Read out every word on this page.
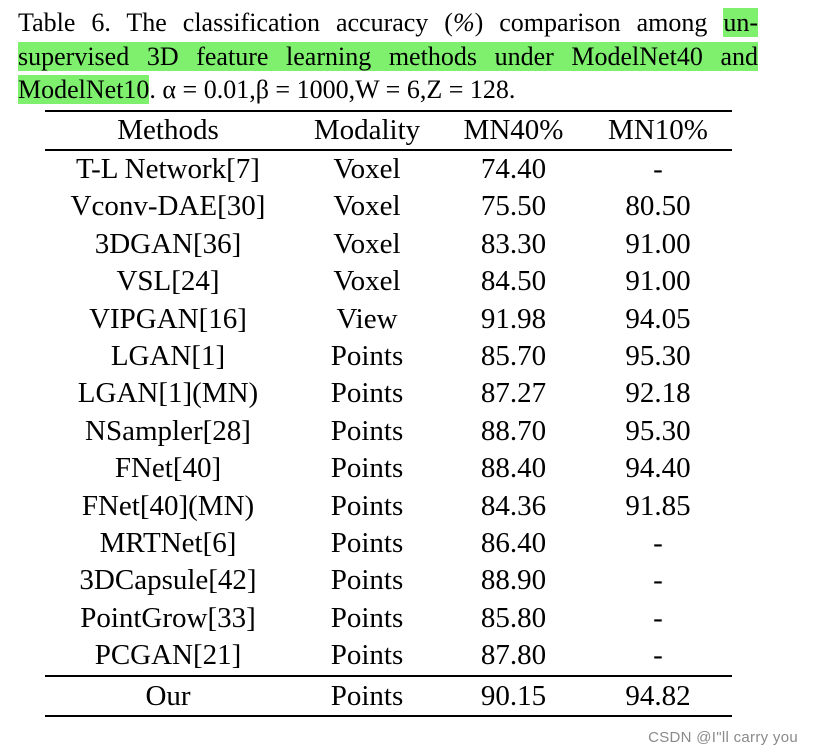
Table 6. The classification accuracy (%) comparison among un-
supervised 3D feature learning methods under ModelNet40 and
ModelNet10. α = 0.01,β = 1000,W = 6,Z = 128.
Methods	Modality	MN40%	MN10%
T-L Network[7]	Voxel	74.40	-
Vconv-DAE[30]	Voxel	75.50	80.50
3DGAN[36]	Voxel	83.30	91.00
VSL[24]	Voxel	84.50	91.00
VIPGAN[16]	View	91.98	94.05
LGAN[1]	Points	85.70	95.30
LGAN[1](MN)	Points	87.27	92.18
NSampler[28]	Points	88.70	95.30
FNet[40]	Points	88.40	94.40
FNet[40](MN)	Points	84.36	91.85
MRTNet[6]	Points	86.40	-
3DCapsule[42]	Points	88.90	-
PointGrow[33]	Points	85.80	-
PCGAN[21]	Points	87.80	-
Our	Points	90.15	94.82
CSDN @I"ll carry you
